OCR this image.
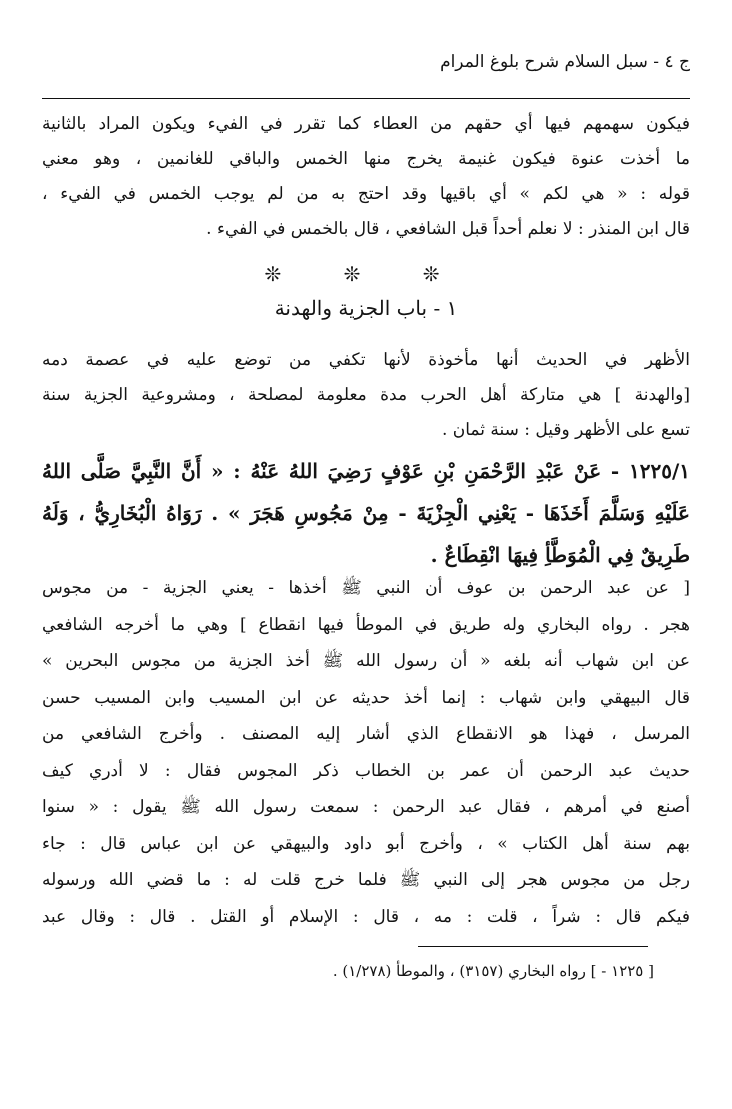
ج ٤ - سبل السلام شرح بلوغ المرام
فيكون سهمهم فيها أي حقهم من العطاء كما تقرر في الفيء ويكون المراد بالثانية
ما أخذت عنوة فيكون غنيمة يخرج منها الخمس والباقي للغانمين ، وهو معني
قوله : « هي لكم » أي باقيها وقد احتج به من لم يوجب الخمس في الفيء ،
قال ابن المنذر : لا نعلم أحداً قبل الشافعي ، قال بالخمس في الفيء .
❊ ❊ ❊
١ - باب الجزية والهدنة
الأظهر في الحديث أنها مأخوذة لأنها تكفي من توضع عليه في عصمة دمه
[والهدنة ] هي متاركة أهل الحرب مدة معلومة لمصلحة ، ومشروعية الجزية سنة
تسع على الأظهر وقيل : سنة ثمان .
١٢٢٥/١ - عَنْ عَبْدِ الرَّحْمَنِ بْنِ عَوْفٍ رَضِيَ اللهُ عَنْهُ : « أَنَّ النَّبِيَّ صَلَّى اللهُ
عَلَيْهِ وَسَلَّمَ أَخَذَهَا - يَعْنِي الْجِزْيَةَ - مِنْ مَجُوسِ هَجَرَ » . رَوَاهُ الْبُخَارِيُّ ، وَلَهُ
طَرِيقٌ فِي الْمُوَطَّأِ فِيهَا انْقِطَاعٌ .
[ عن عبد الرحمن بن عوف أن النبي ﷺ أخذها - يعني الجزية - من مجوس
هجر . رواه البخاري وله طريق في الموطأ فيها انقطاع ] وهي ما أخرجه الشافعي
عن ابن شهاب أنه بلغه « أن رسول الله ﷺ أخذ الجزية من مجوس البحرين »
قال البيهقي وابن شهاب : إنما أخذ حديثه عن ابن المسيب وابن المسيب حسن
المرسل ، فهذا هو الانقطاع الذي أشار إليه المصنف . وأخرج الشافعي من
حديث عبد الرحمن أن عمر بن الخطاب ذكر المجوس فقال : لا أدري كيف
أصنع في أمرهم ، فقال عبد الرحمن : سمعت رسول الله ﷺ يقول : « سنوا
بهم سنة أهل الكتاب » ، وأخرج أبو داود والبيهقي عن ابن عباس قال : جاء
رجل من مجوس هجر إلى النبي ﷺ فلما خرج قلت له : ما قضي الله ورسوله
فيكم قال : شراً ، قلت : مه ، قال : الإسلام أو القتل . قال : وقال عبد
[ ١٢٢٥ - ] رواه البخاري (٣١٥٧) ، والموطأ (١/٢٧٨) .
